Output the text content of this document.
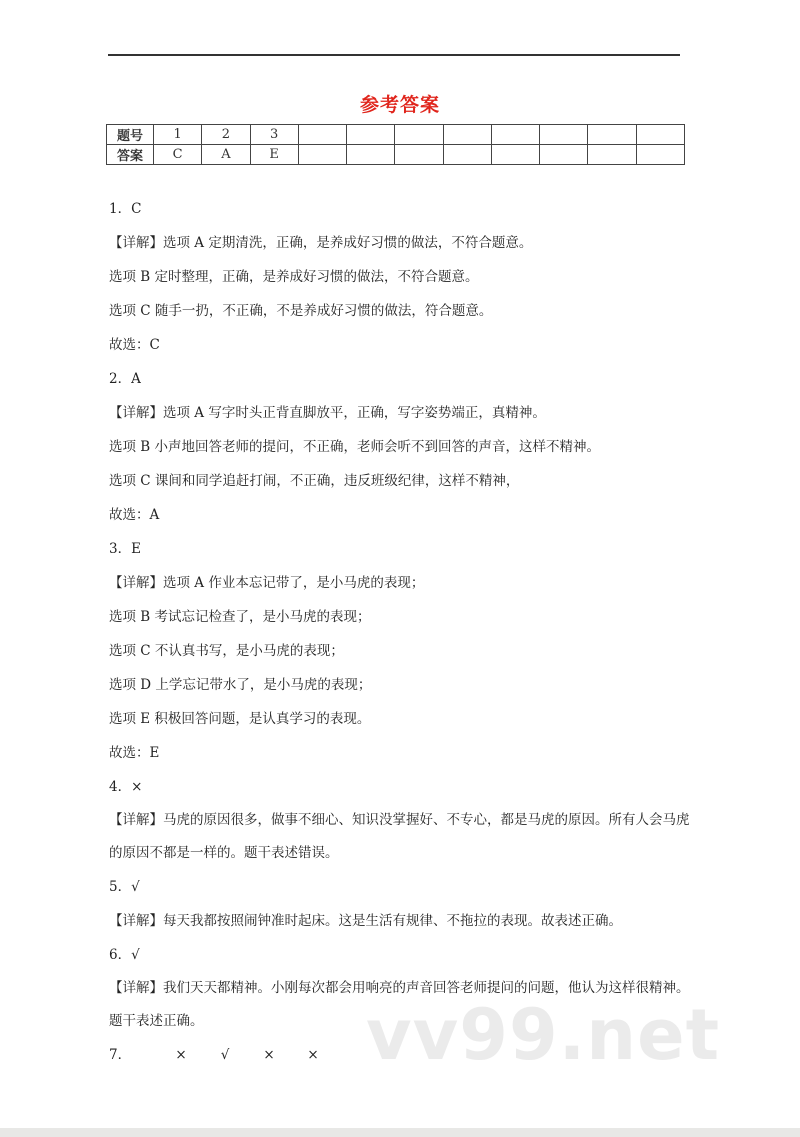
参考答案
题号	1	2	3								
答案	C	A	E								
1．C
【详解】选项 A 定期清洗，正确，是养成好习惯的做法，不符合题意。
选项 B 定时整理，正确，是养成好习惯的做法，不符合题意。
选项 C 随手一扔，不正确，不是养成好习惯的做法，符合题意。
故选：C
2．A
【详解】选项 A 写字时头正背直脚放平，正确，写字姿势端正，真精神。
选项 B 小声地回答老师的提问，不正确，老师会听不到回答的声音，这样不精神。
选项 C 课间和同学追赶打闹，不正确，违反班级纪律，这样不精神，
故选：A
3．E
【详解】选项 A 作业本忘记带了，是小马虎的表现；
选项 B 考试忘记检查了，是小马虎的表现；
选项 C 不认真书写，是小马虎的表现；
选项 D 上学忘记带水了，是小马虎的表现；
选项 E 积极回答问题，是认真学习的表现。
故选：E
4．×
【详解】马虎的原因很多，做事不细心、知识没掌握好、不专心，都是马虎的原因。所有人会马虎的原因不都是一样的。题干表述错误。
5．√
【详解】每天我都按照闹钟准时起床。这是生活有规律、不拖拉的表现。故表述正确。
6．√
【详解】我们天天都精神。小刚每次都会用响亮的声音回答老师提问的问题，他认为这样很精神。题干表述正确。
7．	×	√	× × vv99.net
